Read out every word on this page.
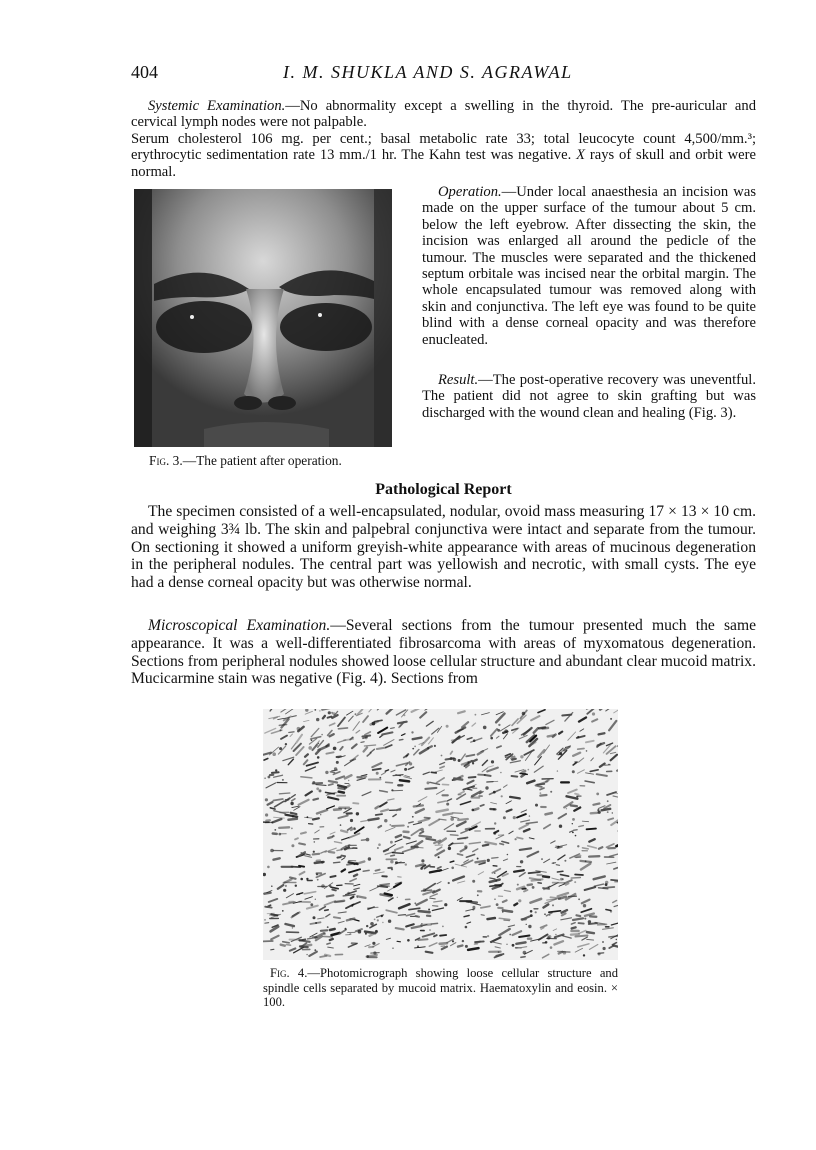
404	I. M. SHUKLA AND S. AGRAWAL

Systemic Examination.—No abnormality except a swelling in the thyroid. The pre-auricular and cervical lymph nodes were not palpable.

Serum cholesterol 106 mg. per cent.; basal metabolic rate 33; total leucocyte count 4,500/mm.³; erythrocytic sedimentation rate 13 mm./1 hr. The Kahn test was negative. X rays of skull and orbit were normal.

Operation.—Under local anaesthesia an incision was made on the upper surface of the tumour about 5 cm. below the left eyebrow. After dissecting the skin, the incision was enlarged all around the pedicle of the tumour. The muscles were separated and the thickened septum orbitale was incised near the orbital margin. The whole encapsulated tumour was removed along with skin and conjunctiva. The left eye was found to be quite blind with a dense corneal opacity and was therefore enucleated.

Result.—The post-operative recovery was uneventful. The patient did not agree to skin grafting but was discharged with the wound clean and healing (Fig. 3).

Fig. 3.—The patient after operation.
Pathological Report

The specimen consisted of a well-encapsulated, nodular, ovoid mass measuring 17 × 13 × 10 cm. and weighing 3¾ lb. The skin and palpebral conjunctiva were intact and separate from the tumour. On sectioning it showed a uniform greyish-white appearance with areas of mucinous degeneration in the peripheral nodules. The central part was yellowish and necrotic, with small cysts. The eye had a dense corneal opacity but was otherwise normal.

Microscopical Examination.—Several sections from the tumour presented much the same appearance. It was a well-differentiated fibrosarcoma with areas of myxomatous degeneration. Sections from peripheral nodules showed loose cellular structure and abundant clear mucoid matrix. Mucicarmine stain was negative (Fig. 4). Sections from

Fig. 4.—Photomicrograph showing loose cellular structure and spindle cells separated by mucoid matrix. Haematoxylin and eosin. × 100.
